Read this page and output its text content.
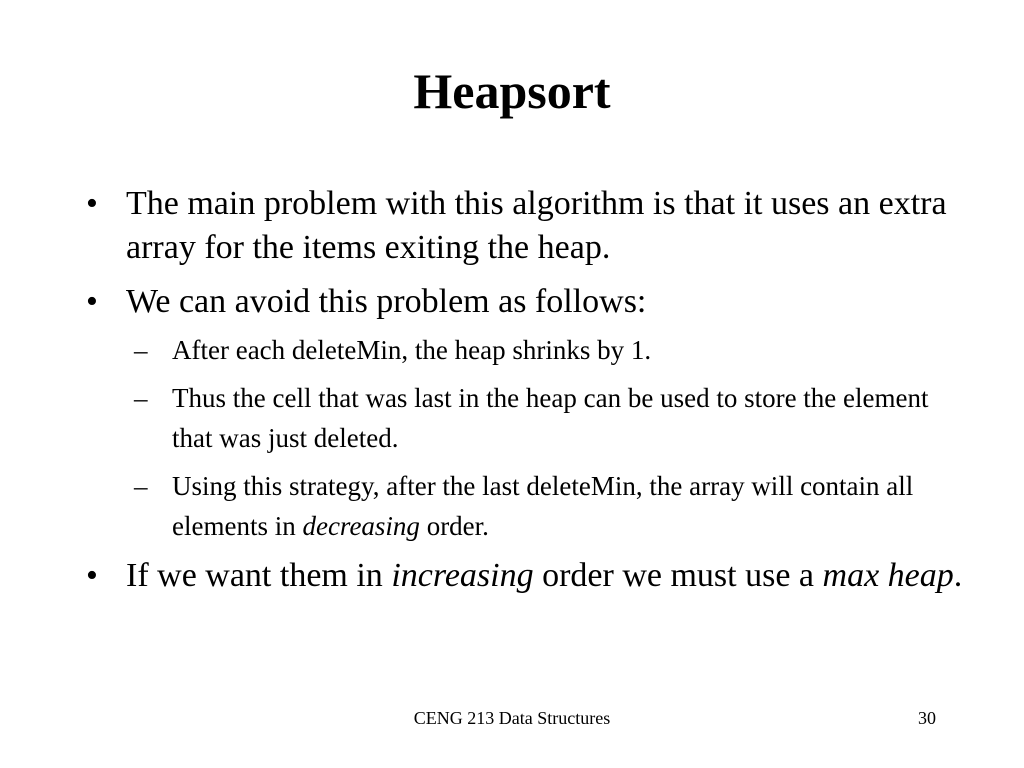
Heapsort
• The main problem with this algorithm is that it uses an extra array for the items exiting the heap.
• We can avoid this problem as follows:
– After each deleteMin, the heap shrinks by 1.
– Thus the cell that was last in the heap can be used to store the element that was just deleted.
– Using this strategy, after the last deleteMin, the array will contain all elements in decreasing order.
• If we want them in increasing order we must use a max heap.
CENG 213 Data Structures	30
